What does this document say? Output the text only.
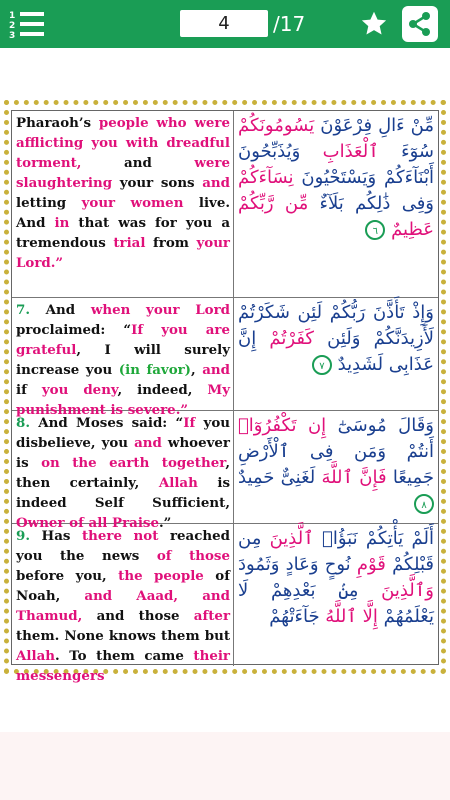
1
2
3
4	/17
Pharaoh’s people who were afflicting you with dreadful torment, and were slaughtering your sons and letting your women live. And in that was for you a tremendous trial from your Lord.”
مِّنْ ءَالِ فِرْعَوْنَ يَسُومُونَكُمْ سُوٓءَ ٱلْعَذَابِ وَيُذَبِّحُونَ أَبْنَآءَكُمْ وَيَسْتَحْيُونَ نِسَآءَكُمْ وَفِى ذَٰلِكُم بَلَآءٌ مِّن رَّبِّكُمْ عَظِيمٌ ٦
7. And when your Lord proclaimed: “If you are grateful, I will surely increase you (in favor), and if you deny, indeed, My punishment is severe.”
وَإِذْ تَأَذَّنَ رَبُّكُمْ لَئِن شَكَرْتُمْ لَأَزِيدَنَّكُمْ وَلَئِن كَفَرْتُمْ إِنَّ عَذَابِى لَشَدِيدٌ ٧
8. And Moses said: “If you disbelieve, you and whoever is on the earth together, then certainly, Allah is indeed Self Sufficient, Owner of all Praise.”
وَقَالَ مُوسَىٰٓ إِن تَكْفُرُوٓا۟ أَنتُمْ وَمَن فِى ٱلْأَرْضِ جَمِيعًا فَإِنَّ ٱللَّهَ لَغَنِىٌّ حَمِيدٌ ٨
9. Has there not reached you the news of those before you, the people of Noah, and Aaad, and Thamud, and those after them. None knows them but Allah. To them came their messengers
أَلَمْ يَأْتِكُمْ نَبَؤُا۟ ٱلَّذِينَ مِن قَبْلِكُمْ قَوْمِ نُوحٍ وَعَادٍ وَثَمُودَ وَٱلَّذِينَ مِنۢ بَعْدِهِمْ لَا يَعْلَمُهُمْ إِلَّا ٱللَّهُ جَآءَتْهُمْ
